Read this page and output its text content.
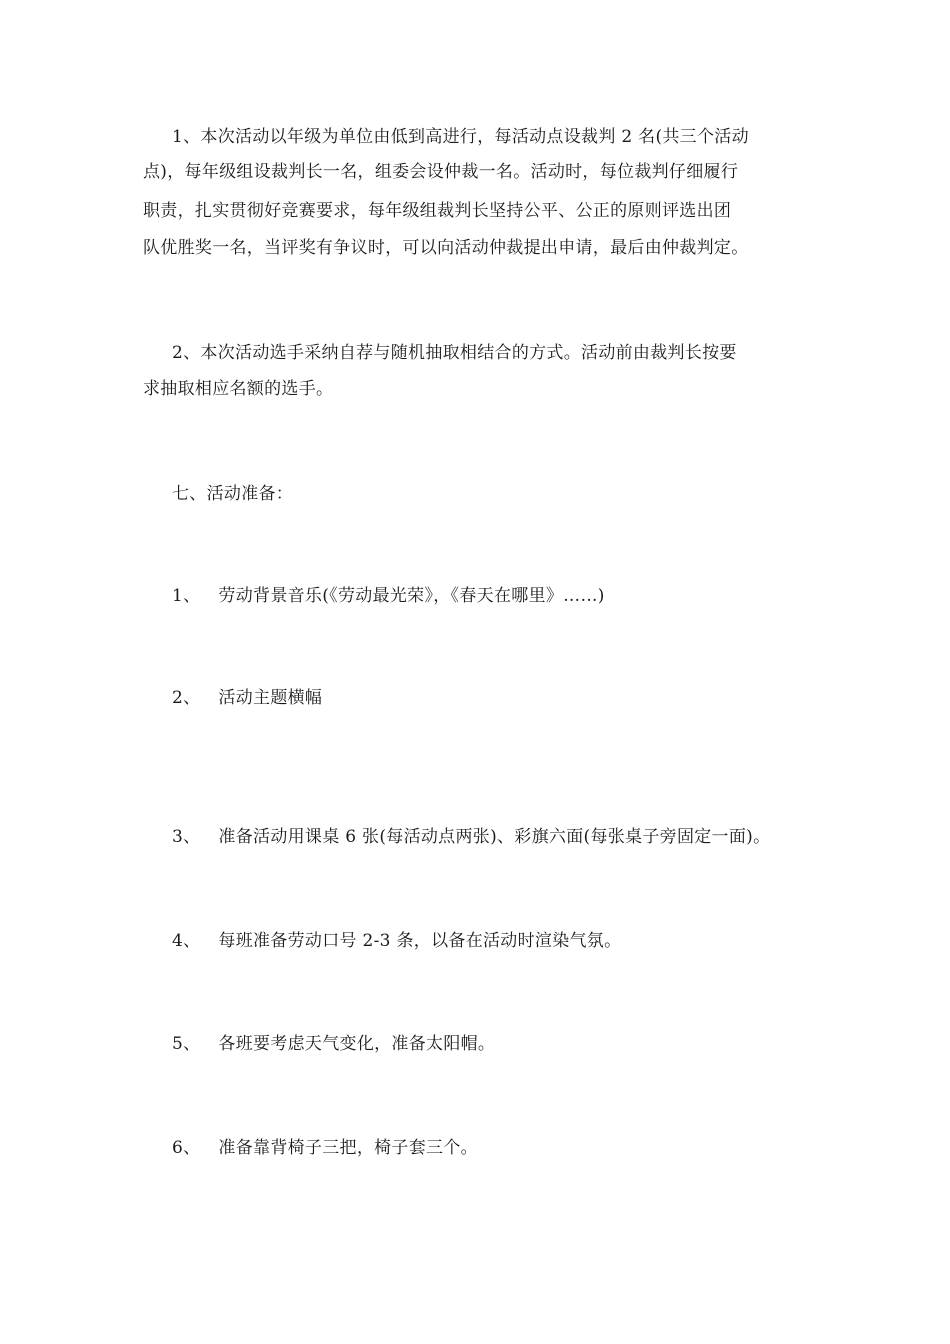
1、本次活动以年级为单位由低到高进行，每活动点设裁判 2 名(共三个活动
点)，每年级组设裁判长一名，组委会设仲裁一名。活动时，每位裁判仔细履行
职责，扎实贯彻好竞赛要求，每年级组裁判长坚持公平、公正的原则评选出团
队优胜奖一名，当评奖有争议时，可以向活动仲裁提出申请，最后由仲裁判定。
2、本次活动选手采纳自荐与随机抽取相结合的方式。活动前由裁判长按要
求抽取相应名额的选手。
七、活动准备：
1、 劳动背景音乐(《劳动最光荣》，《春天在哪里》……)
2、 活动主题横幅
3、 准备活动用课桌 6 张(每活动点两张)、彩旗六面(每张桌子旁固定一面)。
4、 每班准备劳动口号 2-3 条，以备在活动时渲染气氛。
5、 各班要考虑天气变化，准备太阳帽。
6、 准备靠背椅子三把，椅子套三个。
